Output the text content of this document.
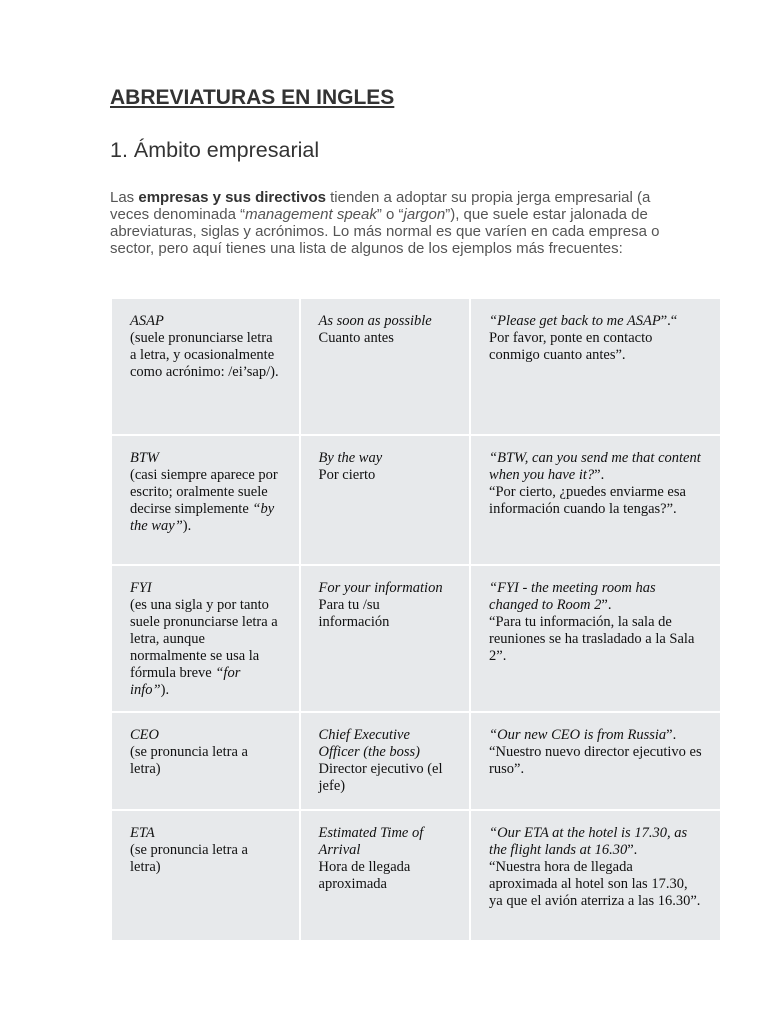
ABREVIATURAS EN INGLES
1. Ámbito empresarial

Las empresas y sus directivos tienden a adoptar su propia jerga empresarial (a veces denominada “management speak” o “jargon”), que suele estar jalonada de abreviaturas, siglas y acrónimos. Lo más normal es que varíen en cada empresa o sector, pero aquí tienes una lista de algunos de los ejemplos más frecuentes:

ASAP
(suele pronunciarse letra a letra, y ocasionalmente como acrónimo: /ei’sap/).	As soon as possible
Cuanto antes	“Please get back to me ASAP”.“
Por favor, ponte en contacto conmigo cuanto antes”.

BTW
(casi siempre aparece por escrito; oralmente suele decirse simplemente “by the way”).	By the way
Por cierto	“BTW, can you send me that content when you have it?”.
“Por cierto, ¿puedes enviarme esa información cuando la tengas?”.

FYI
(es una sigla y por tanto suele pronunciarse letra a letra, aunque normalmente se usa la fórmula breve “for info”).	For your information
Para tu /su información	“FYI - the meeting room has changed to Room 2”.
“Para tu información, la sala de reuniones se ha trasladado a la Sala 2”.

CEO
(se pronuncia letra a letra)	Chief Executive Officer (the boss)
Director ejecutivo (el jefe)	“Our new CEO is from Russia”.
“Nuestro nuevo director ejecutivo es ruso”.

ETA
(se pronuncia letra a letra)	Estimated Time of Arrival
Hora de llegada aproximada	“Our ETA at the hotel is 17.30, as the flight lands at 16.30”.
“Nuestra hora de llegada aproximada al hotel son las 17.30, ya que el avión aterriza a las 16.30”.
